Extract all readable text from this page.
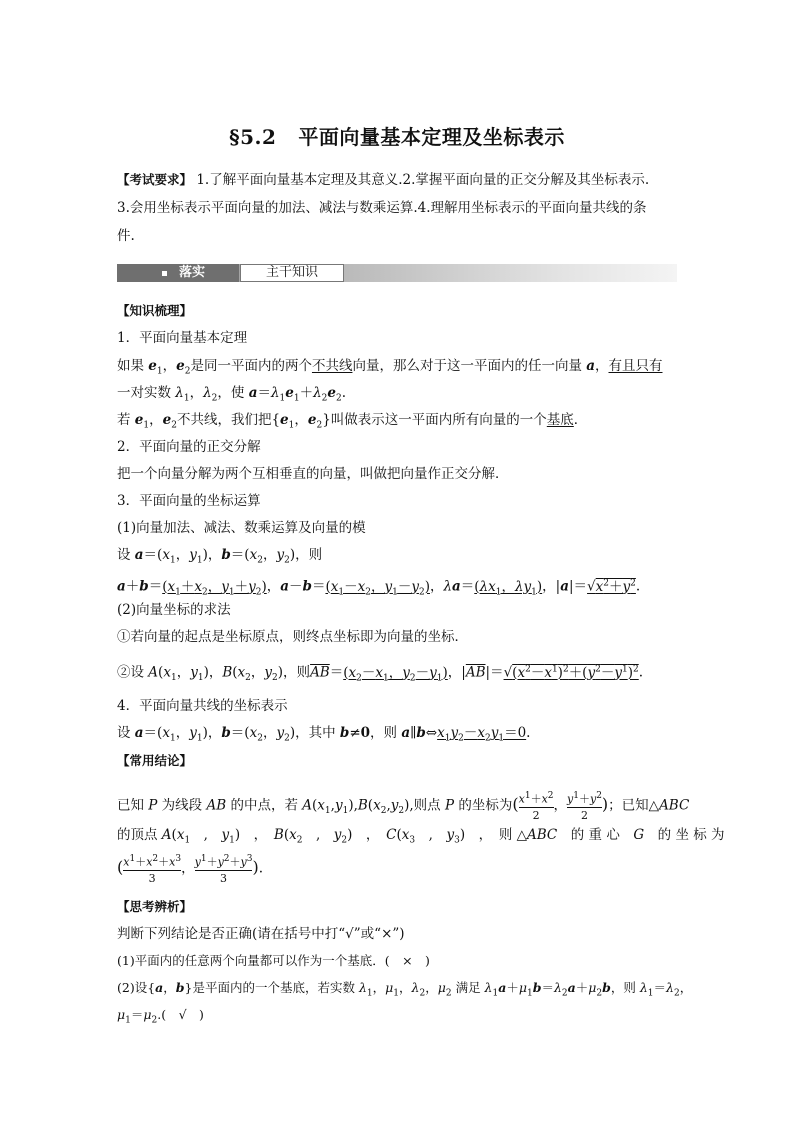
§5.2 平面向量基本定理及坐标表示
【考试要求】 1.了解平面向量基本定理及其意义.2.掌握平面向量的正交分解及其坐标表示.
3.会用坐标表示平面向量的加法、减法与数乘运算.4.理解用坐标表示的平面向量共线的条
件.
落实	主干知识
【知识梳理】
1．平面向量基本定理
如果 $e_1$，$e_2$是同一平面内的两个不共线向量，那么对于这一平面内的任一向量 a，有且只有
一对实数 $\lambda_1$，$\lambda_2$，使 $a=\lambda_1e_1+\lambda_2e_2$.
若 $e_1$，$e_2$不共线，我们把{$e_1$，$e_2$}叫做表示这一平面内所有向量的一个基底．
2．平面向量的正交分解
把一个向量分解为两个互相垂直的向量，叫做把向量作正交分解．
3．平面向量的坐标运算
(1)向量加法、减法、数乘运算及向量的模
设 $a=(x_1$，$y_1$)，$b=(x_2$，$y_2$)，则
$a+b=(x_1+x_2$，$y_1+y_2$)，$a-b=(x_1-x_2$，$y_1-y_2$)，$\lambda a=(\lambda x_1$，$\lambda y_1$)，$|a|=√x^2+y^2$.
(2)向量坐标的求法
①若向量的起点是坐标原点，则终点坐标即为向量的坐标．
②设 $A(x_1$，$y_1$)，$B(x_2$，$y_2$)，则$\overline{AB}=(x_2-x_1$，$y_2-y_1$)，$|\overline{AB}|=√(x^2-x^1)^2+(y^2-y^1)^2$.
4．平面向量共线的坐标表示
设 $a=(x_1$，$y_1$)，$b=(x_2$，$y_2$)，其中 b≠0，则 $a\parallel b\Leftrightarrow x_1y_2-x_2y_1=0$.
【常用结论】
已知 P 为线段 AB 的中点，若 $A(x_1,y_1),B(x_2,y_2)$,则点 P 的坐标为( $\frac{x^1+x^2}{2}$ ， $\frac{y^1+y^2}{2}$ )；已知△ABC
的顶点 $A(x_1$　,　$y_1$)　，　$B(x_2$　,　$y_2$)　，　$C(x_3$　,　$y_3$)　，　则 △ABC　的 重 心　G　的 坐 标 为
( $\frac{x^1+x^2+x^3}{3}$ ， $\frac{y^1+y^2+y^3}{3}$ ).
【思考辨析】
判断下列结论是否正确(请在括号中打“√”或“×”)
(1)平面内的任意两个向量都可以作为一个基底．(　×　)
(2)设{a，b}是平面内的一个基底，若实数 $\lambda_1$，$\mu_1$，$\lambda_2$，$\mu_2$ 满足 $\lambda_1a+\mu_1b=\lambda_2a+\mu_2b$，则 $\lambda_1=\lambda_2$，
$\mu_1=\mu_2$.(　√　)
